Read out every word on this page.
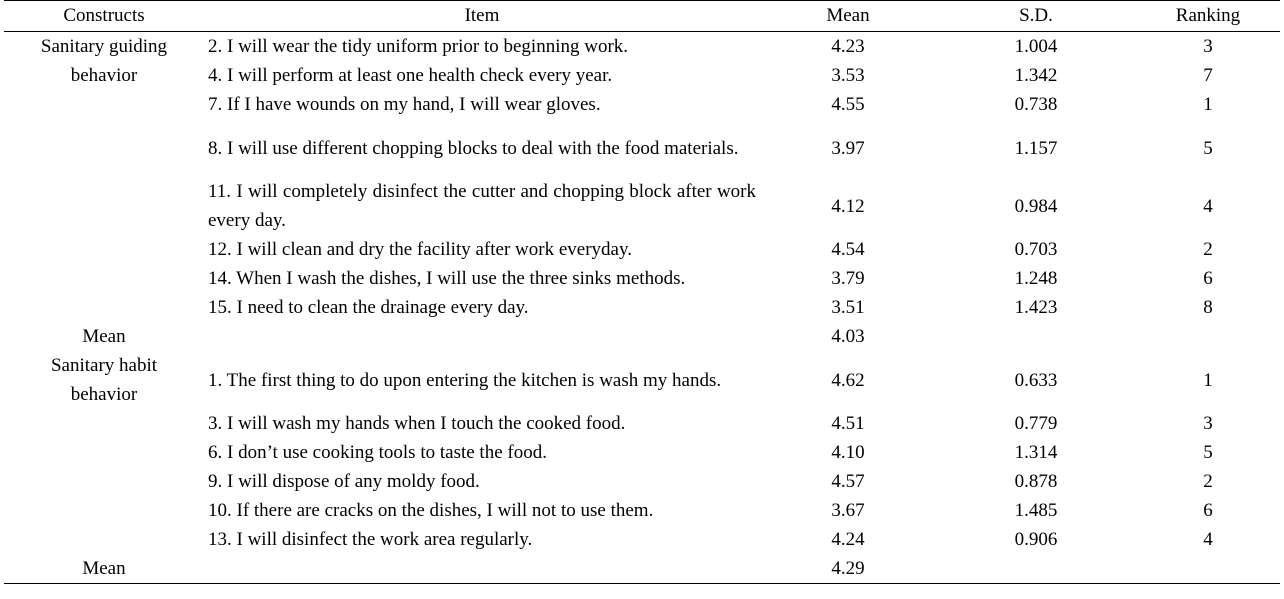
Constructs	Item	Mean	S.D.	Ranking
Sanitary guiding	2. I will wear the tidy uniform prior to beginning work.	4.23	1.004	3
behavior	4. I will perform at least one health check every year.	3.53	1.342	7
	7. If I have wounds on my hand, I will wear gloves.	4.55	0.738	1
	8. I will use different chopping blocks to deal with the food materials.	3.97	1.157	5
	11. I will completely disinfect the cutter and chopping block after work every day.	4.12	0.984	4
	12. I will clean and dry the facility after work everyday.	4.54	0.703	2
	14. When I wash the dishes, I will use the three sinks methods.	3.79	1.248	6
	15. I need to clean the drainage every day.	3.51	1.423	8
Mean		4.03		
Sanitary habit	1. The first thing to do upon entering the kitchen is wash my hands.	4.62	0.633	1
behavior				
	3. I will wash my hands when I touch the cooked food.	4.51	0.779	3
	6. I don’t use cooking tools to taste the food.	4.10	1.314	5
	9. I will dispose of any moldy food.	4.57	0.878	2
	10. If there are cracks on the dishes, I will not to use them.	3.67	1.485	6
	13. I will disinfect the work area regularly.	4.24	0.906	4
Mean		4.29		
